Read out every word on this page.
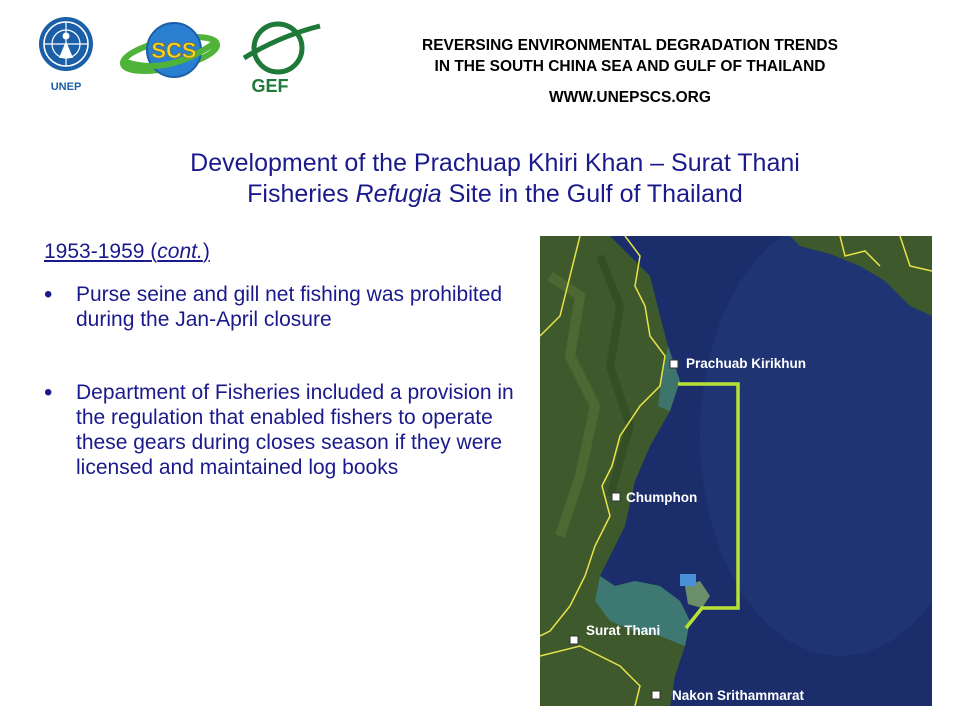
UNEP
SCS
GEF
REVERSING ENVIRONMENTAL DEGRADATION TRENDS
IN THE SOUTH CHINA SEA AND GULF OF THAILAND
WWW.UNEPSCS.ORG
Development of the Prachuap Khiri Khan – Surat Thani
Fisheries Refugia Site in the Gulf of Thailand
1953-1959 (cont.)
• Purse seine and gill net fishing was prohibited during the Jan-April closure
• Department of Fisheries included a provision in the regulation that enabled fishers to operate these gears during closes season if they were licensed and maintained log books
Prachuab Kirikhun
Chumphon
Surat Thani
Nakon Srithammarat
